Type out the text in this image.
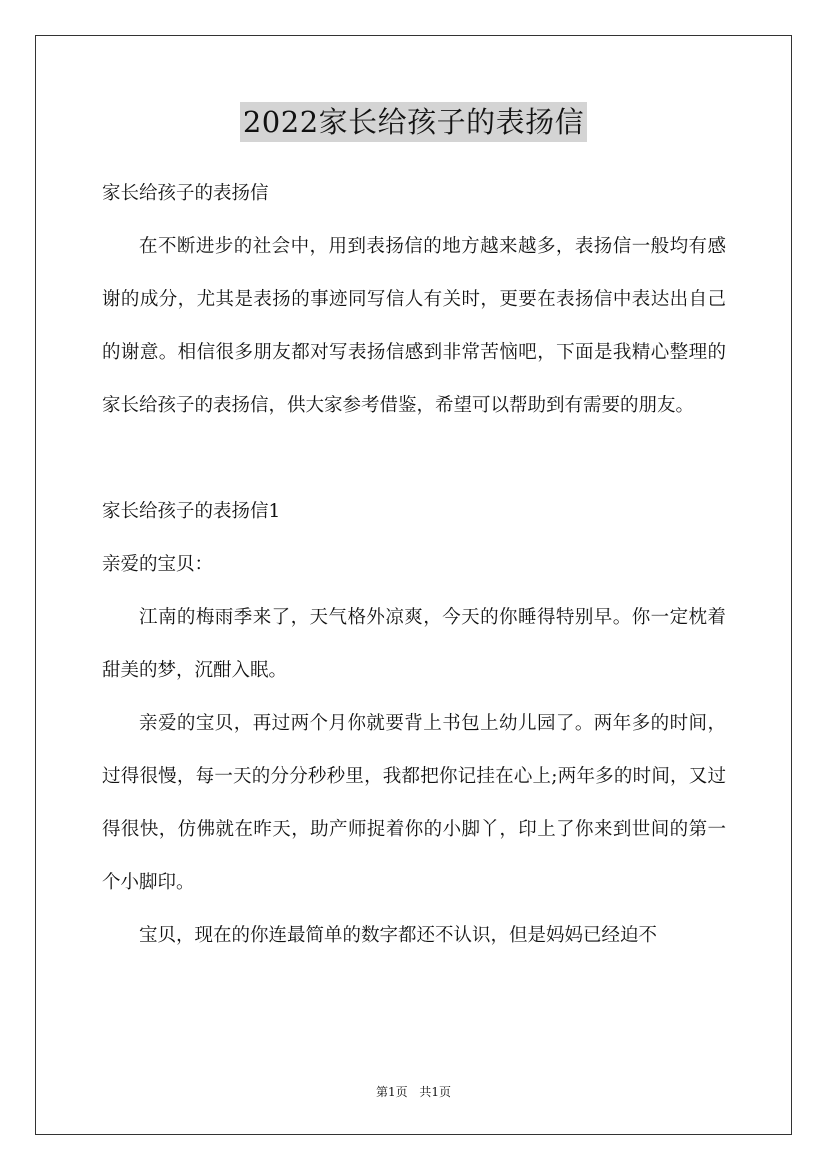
2022家长给孩子的表扬信

家长给孩子的表扬信

在不断进步的社会中，用到表扬信的地方越来越多，表扬信一般均有感谢的成分，尤其是表扬的事迹同写信人有关时，更要在表扬信中表达出自己的谢意。相信很多朋友都对写表扬信感到非常苦恼吧，下面是我精心整理的家长给孩子的表扬信，供大家参考借鉴，希望可以帮助到有需要的朋友。

家长给孩子的表扬信1

亲爱的宝贝：

江南的梅雨季来了，天气格外凉爽，今天的你睡得特别早。你一定枕着甜美的梦，沉酣入眠。

亲爱的宝贝，再过两个月你就要背上书包上幼儿园了。两年多的时间，过得很慢，每一天的分分秒秒里，我都把你记挂在心上;两年多的时间，又过得很快，仿佛就在昨天，助产师捉着你的小脚丫，印上了你来到世间的第一个小脚印。

宝贝，现在的你连最简单的数字都还不认识，但是妈妈已经迫不

第1页 共1页
